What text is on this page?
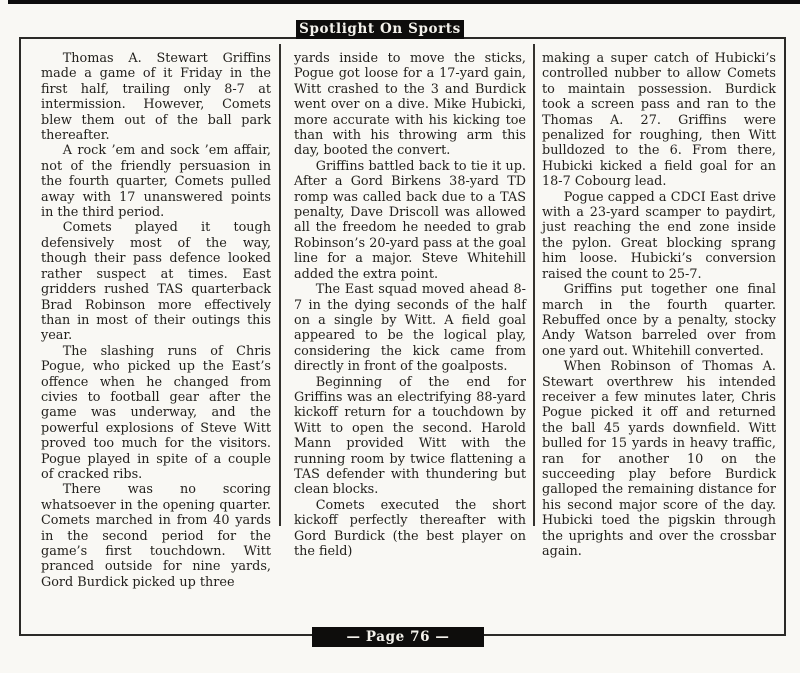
Spotlight On Sports

Thomas A. Stewart Griffins made a game of it Friday in the first half, trailing only 8-7 at intermission. However, Comets blew them out of the ball park thereafter.

A rock ’em and sock ’em affair, not of the friendly persuasion in the fourth quarter, Comets pulled away with 17 unanswered points in the third period.

Comets played it tough defensively most of the way, though their pass defence looked rather suspect at times. East gridders rushed TAS quarterback Brad Robinson more effectively than in most of their outings this year.

The slashing runs of Chris Pogue, who picked up the East’s offence when he changed from civies to football gear after the game was underway, and the powerful explosions of Steve Witt proved too much for the visitors. Pogue played in spite of a couple of cracked ribs.

There was no scoring whatsoever in the opening quarter. Comets marched in from 40 yards in the second period for the game’s first touchdown. Witt pranced outside for nine yards, Gord Burdick picked up three

yards inside to move the sticks, Pogue got loose for a 17-yard gain, Witt crashed to the 3 and Burdick went over on a dive. Mike Hubicki, more accurate with his kicking toe than with his throwing arm this day, booted the convert.

Griffins battled back to tie it up. After a Gord Birkens 38-yard TD romp was called back due to a TAS penalty, Dave Driscoll was allowed all the freedom he needed to grab Robinson’s 20-yard pass at the goal line for a major. Steve Whitehill added the extra point.

The East squad moved ahead 8-7 in the dying seconds of the half on a single by Witt. A field goal appeared to be the logical play, considering the kick came from directly in front of the goalposts.

Beginning of the end for Griffins was an electrifying 88-yard kickoff return for a touchdown by Witt to open the second. Harold Mann provided Witt with the running room by twice flattening a TAS defender with thundering but clean blocks.

Comets executed the short kickoff perfectly thereafter with Gord Burdick (the best player on the field)

making a super catch of Hubicki’s controlled nubber to allow Comets to maintain possession. Burdick took a screen pass and ran to the Thomas A. 27. Griffins were penalized for roughing, then Witt bulldozed to the 6. From there, Hubicki kicked a field goal for an 18-7 Cobourg lead.

Pogue capped a CDCI East drive with a 23-yard scamper to paydirt, just reaching the end zone inside the pylon. Great blocking sprang him loose. Hubicki’s conversion raised the count to 25-7.

Griffins put together one final march in the fourth quarter. Rebuffed once by a penalty, stocky Andy Watson barreled over from one yard out. Whitehill converted.

When Robinson of Thomas A. Stewart overthrew his intended receiver a few minutes later, Chris Pogue picked it off and returned the ball 45 yards downfield. Witt bulled for 15 yards in heavy traffic, ran for another 10 on the succeeding play before Burdick galloped the remaining distance for his second major score of the day. Hubicki toed the pigskin through the uprights and over the crossbar again.

— Page 76 —
